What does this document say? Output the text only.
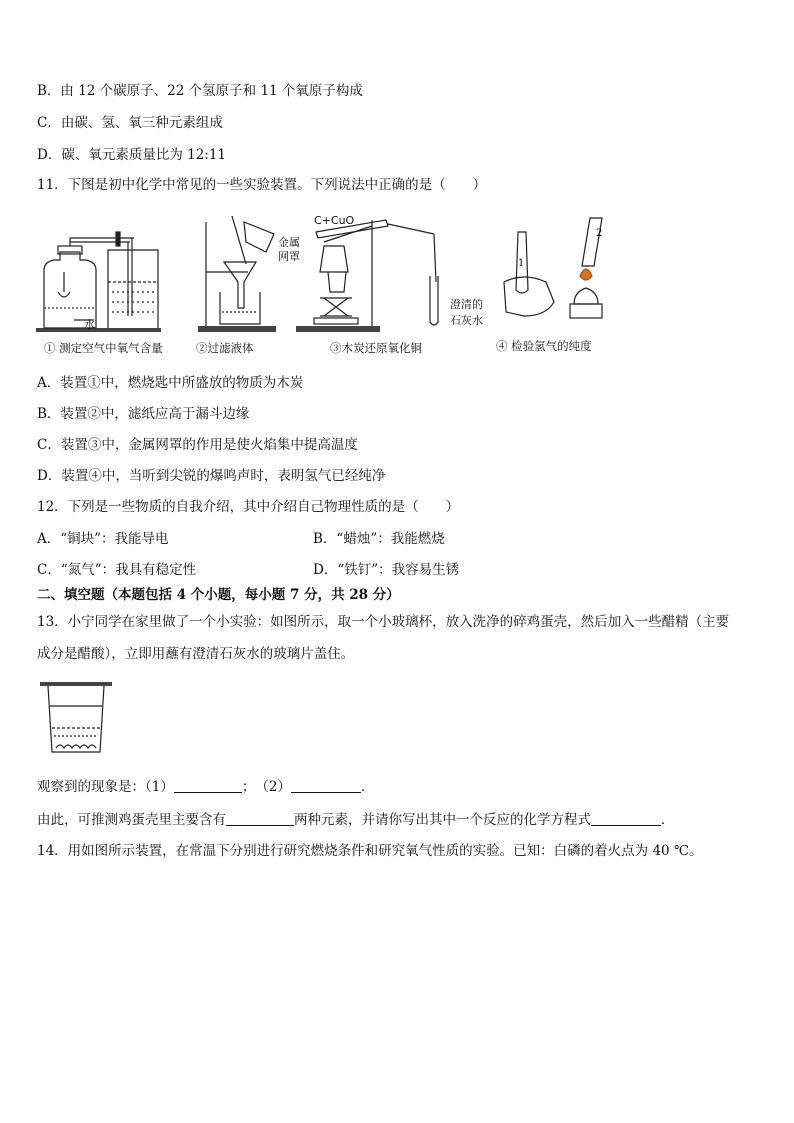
B．由 12 个碳原子、22 个氢原子和 11 个氧原子构成
C．由碳、氢、氧三种元素组成
D．碳、氧元素质量比为 12:11
11．下图是初中化学中常见的一些实验装置。下列说法中正确的是（　　）
水
C+CuO
金属
网罩
澄清的
石灰水
1
2
① 测定空气中氧气含量	②过滤液体	③木炭还原氧化铜	④ 检验氢气的纯度
A．装置①中，燃烧匙中所盛放的物质为木炭
B．装置②中，滤纸应高于漏斗边缘
C．装置③中，金属网罩的作用是使火焰集中提高温度
D．装置④中，当听到尖锐的爆鸣声时，表明氢气已经纯净
12．下列是一些物质的自我介绍，其中介绍自己物理性质的是（　　）
A．“铜块”：我能导电	B．“蜡烛”：我能燃烧
C．“氮气”：我具有稳定性	D．“铁钉”：我容易生锈
二、填空题（本题包括 4 个小题，每小题 7 分，共 28 分）
13．小宁同学在家里做了一个小实验：如图所示，取一个小玻璃杯，放入洗净的碎鸡蛋壳，然后加入一些醋精（主要
成分是醋酸），立即用蘸有澄清石灰水的玻璃片盖住。
观察到的现象是：（1）	；　（2）	．
由此，可推测鸡蛋壳里主要含有	两种元素，并请你写出其中一个反应的化学方程式	．
14．用如图所示装置，在常温下分别进行研究燃烧条件和研究氧气性质的实验。已知：白磷的着火点为 40 ℃。
